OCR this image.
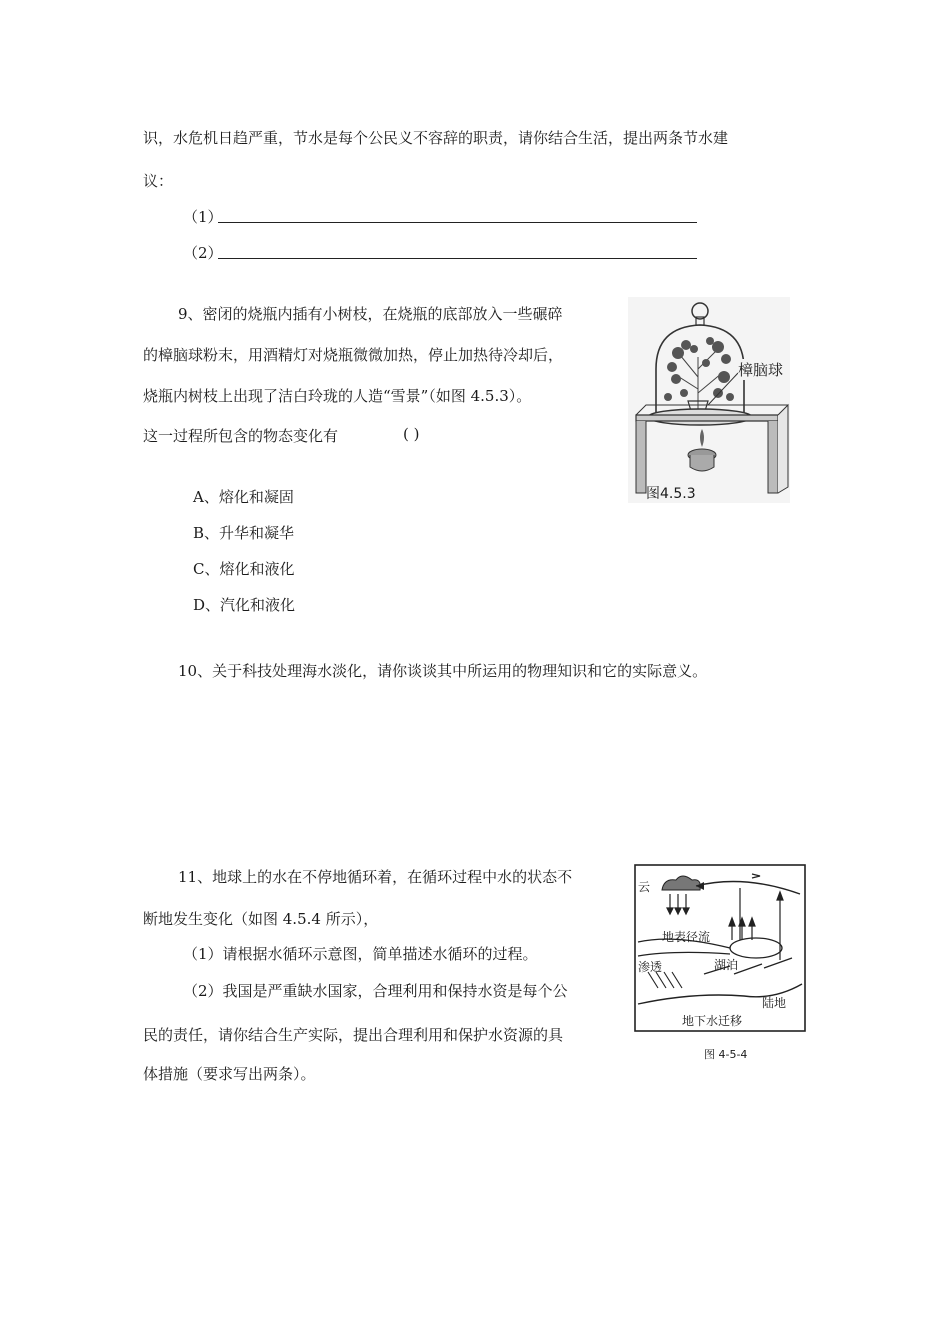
识，水危机日趋严重，节水是每个公民义不容辞的职责，请你结合生活，提出两条节水建
议：
（1）
（2）
9、密闭的烧瓶内插有小树枝，在烧瓶的底部放入一些碾碎
的樟脑球粉末，用酒精灯对烧瓶微微加热，停止加热待冷却后，
烧瓶内树枝上出现了洁白玲珑的人造“雪景”（如图 4.5.3）。
这一过程所包含的物态变化有	( )
A、熔化和凝固
B、升华和凝华
C、熔化和液化
D、汽化和液化
樟脑球
图4.5.3
10、关于科技处理海水淡化，请你谈谈其中所运用的物理知识和它的实际意义。
11、地球上的水在不停地循环着，在循环过程中水的状态不
断地发生变化（如图 4.5.4 所示），
（1）请根据水循环示意图，简单描述水循环的过程。
（2）我国是严重缺水国家，合理利用和保持水资是每个公
民的责任，请你结合生产实际，提出合理利用和保护水资源的具
体措施（要求写出两条）。
云
地表径流
渗透	湖泊
陆地
地下水迁移
图 4-5-4
